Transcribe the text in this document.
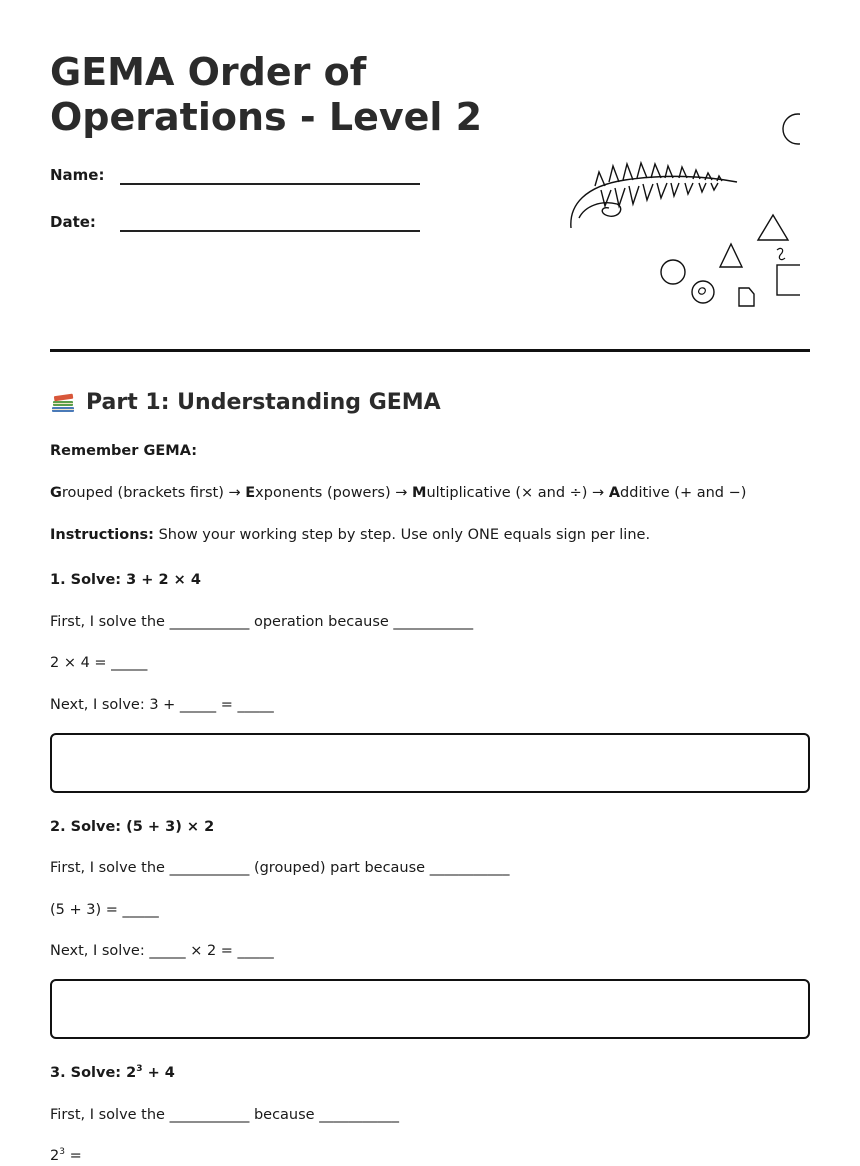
GEMA Order of Operations - Level 2
Name:
Date:
Part 1: Understanding GEMA
Remember GEMA:
Grouped (brackets first) → Exponents (powers) → Multiplicative (× and ÷) → Additive (+ and −)
Instructions: Show your working step by step. Use only ONE equals sign per line.
1. Solve: 3 + 2 × 4
First, I solve the ___________ operation because ___________
2 × 4 = _____
Next, I solve: 3 + _____ = _____
2. Solve: (5 + 3) × 2
First, I solve the ___________ (grouped) part because ___________
(5 + 3) = _____
Next, I solve: _____ × 2 = _____
3. Solve: $2^3 + 4$
First, I solve the ___________ because ___________
$2^3$ =
